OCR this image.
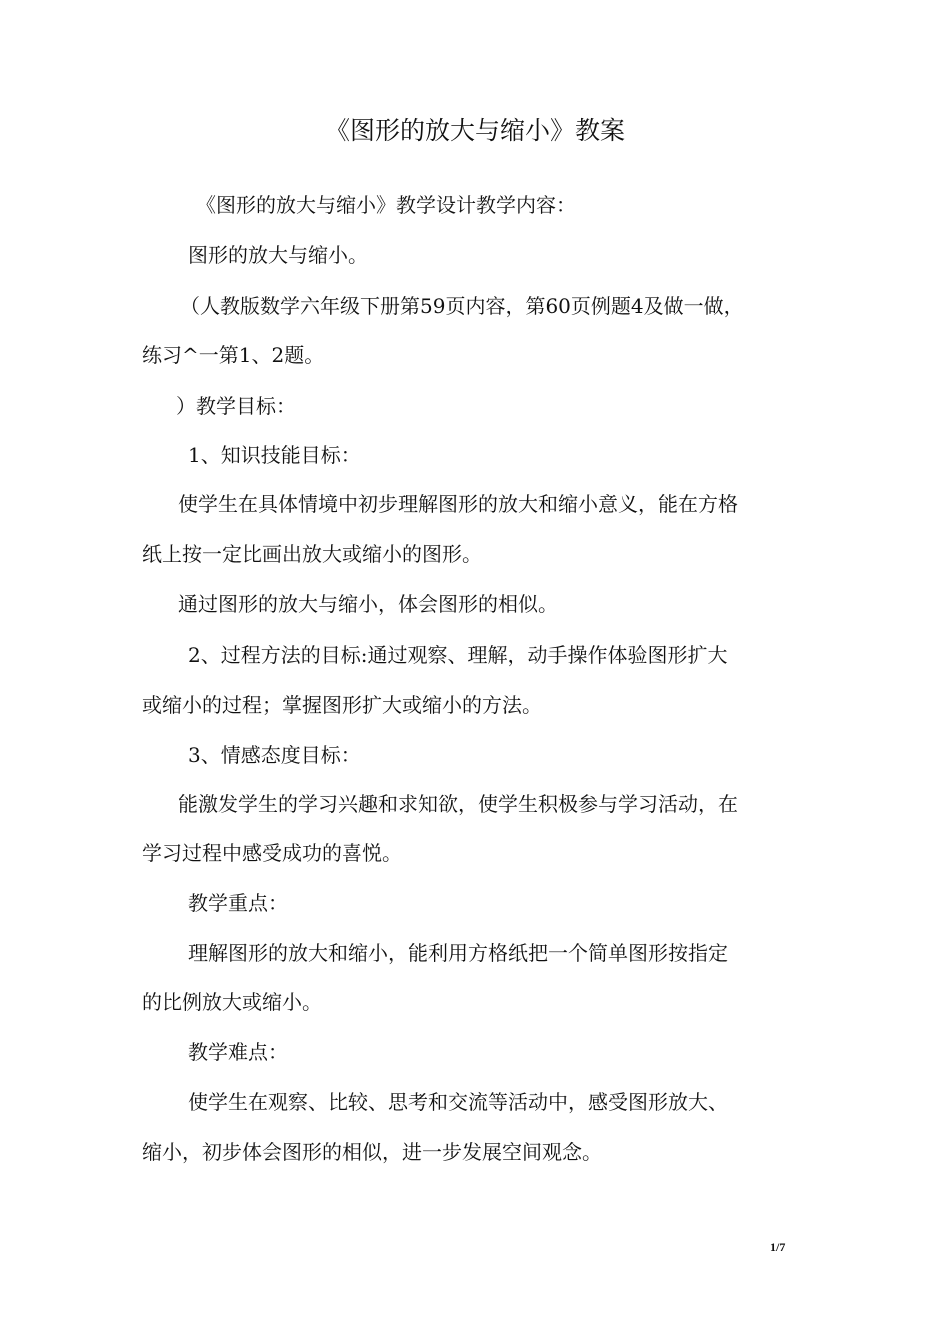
《图形的放大与缩小》教案

《图形的放大与缩小》教学设计教学内容：

图形的放大与缩小。

（人教版数学六年级下册第59页内容，第60页例题4及做一做，

练习^一第1、2题。

）教学目标：

1、知识技能目标：

使学生在具体情境中初步理解图形的放大和缩小意义，能在方格

纸上按一定比画出放大或缩小的图形。

通过图形的放大与缩小，体会图形的相似。

2、过程方法的目标:通过观察、理解，动手操作体验图形扩大

或缩小的过程；掌握图形扩大或缩小的方法。

3、情感态度目标：

能激发学生的学习兴趣和求知欲，使学生积极参与学习活动，在

学习过程中感受成功的喜悦。

教学重点：

理解图形的放大和缩小，能利用方格纸把一个简单图形按指定

的比例放大或缩小。

教学难点：

使学生在观察、比较、思考和交流等活动中，感受图形放大、

缩小，初步体会图形的相似，进一步发展空间观念。

1/7
